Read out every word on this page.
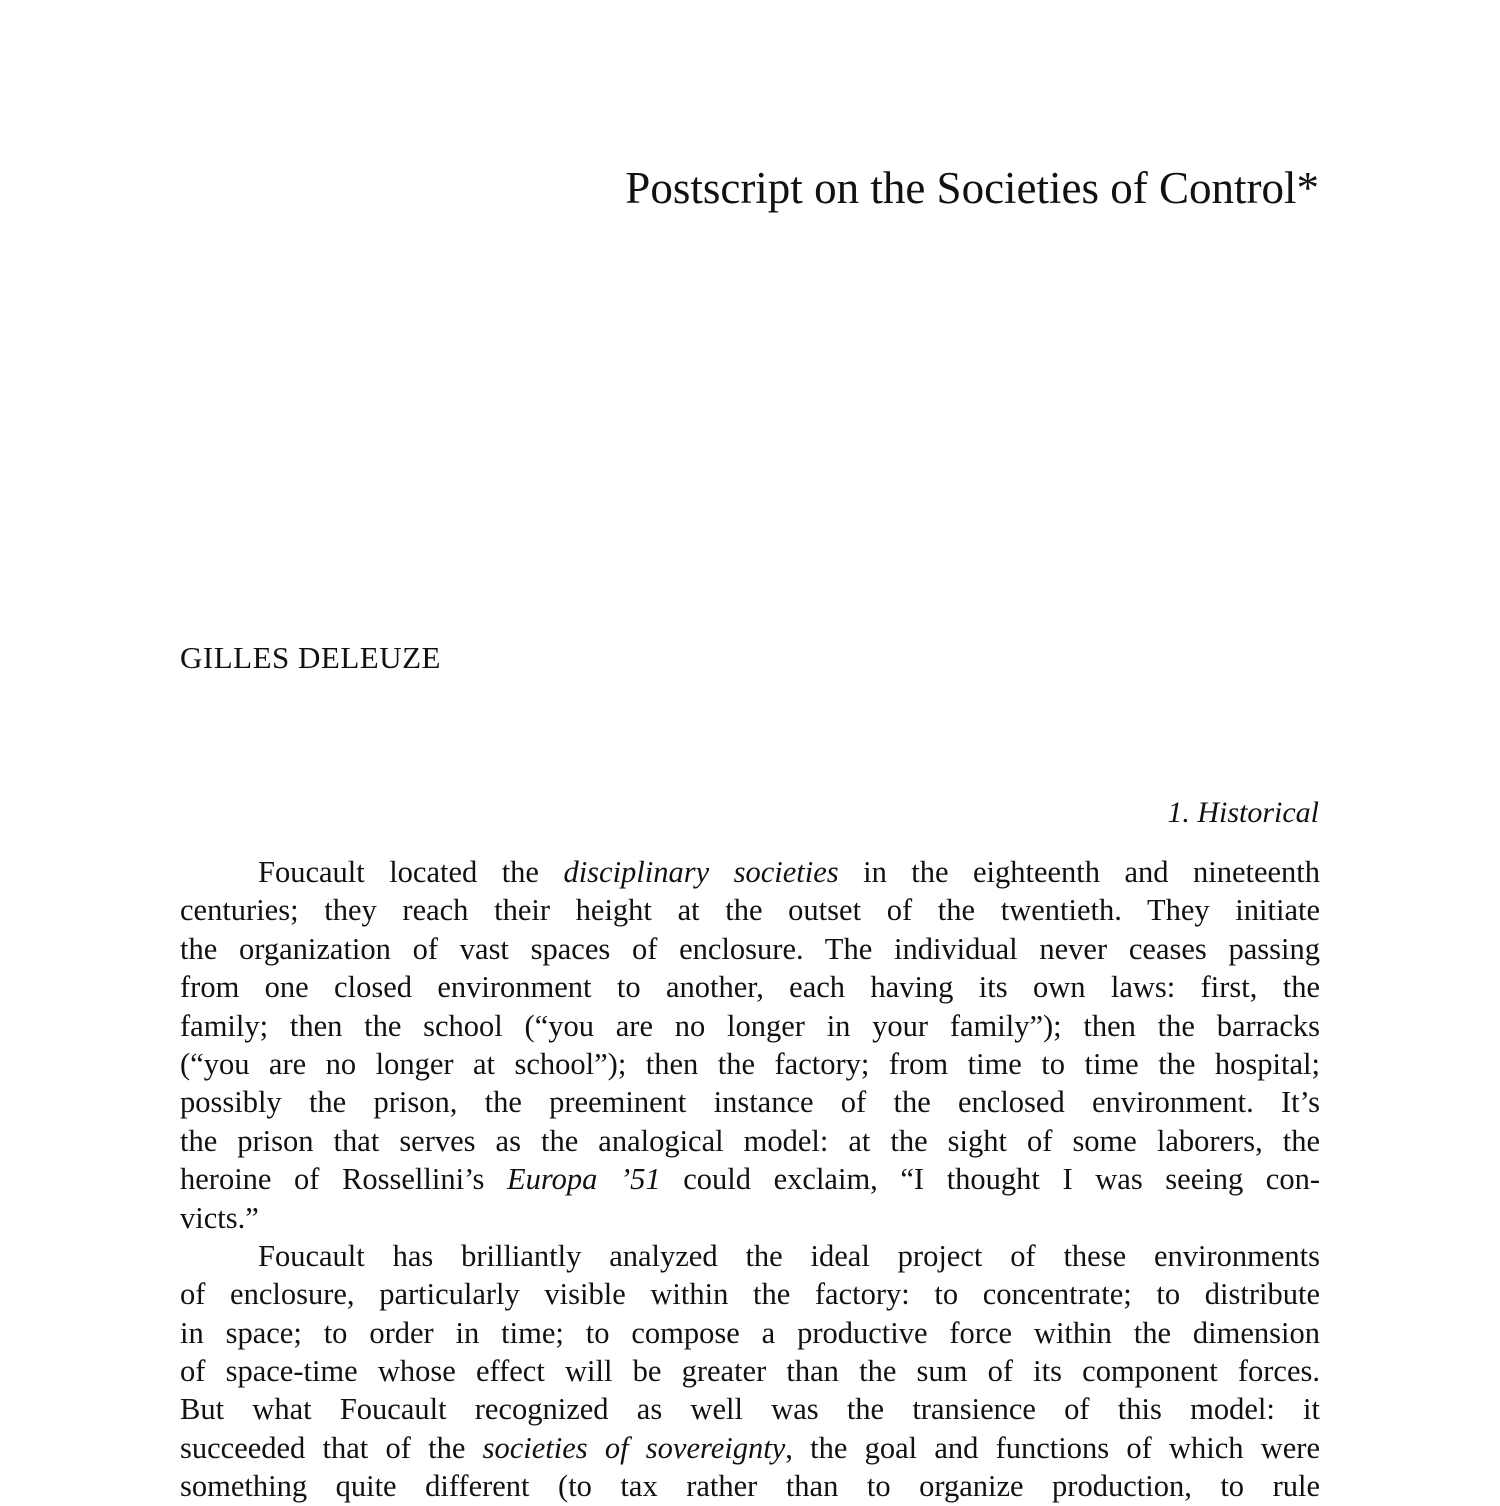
Postscript on the Societies of Control*
GILLES DELEUZE
1. Historical
Foucault located the disciplinary societies in the eighteenth and nineteenth
centuries; they reach their height at the outset of the twentieth. They initiate
the organization of vast spaces of enclosure. The individual never ceases passing
from one closed environment to another, each having its own laws: first, the
family; then the school (“you are no longer in your family”); then the barracks
(“you are no longer at school”); then the factory; from time to time the hospital;
possibly the prison, the preeminent instance of the enclosed environment. It’s
the prison that serves as the analogical model: at the sight of some laborers, the
heroine of Rossellini’s Europa ’51 could exclaim, “I thought I was seeing con-
victs.”
Foucault has brilliantly analyzed the ideal project of these environments
of enclosure, particularly visible within the factory: to concentrate; to distribute
in space; to order in time; to compose a productive force within the dimension
of space-time whose effect will be greater than the sum of its component forces.
But what Foucault recognized as well was the transience of this model: it
succeeded that of the societies of sovereignty, the goal and functions of which were
something quite different (to tax rather than to organize production, to rule
